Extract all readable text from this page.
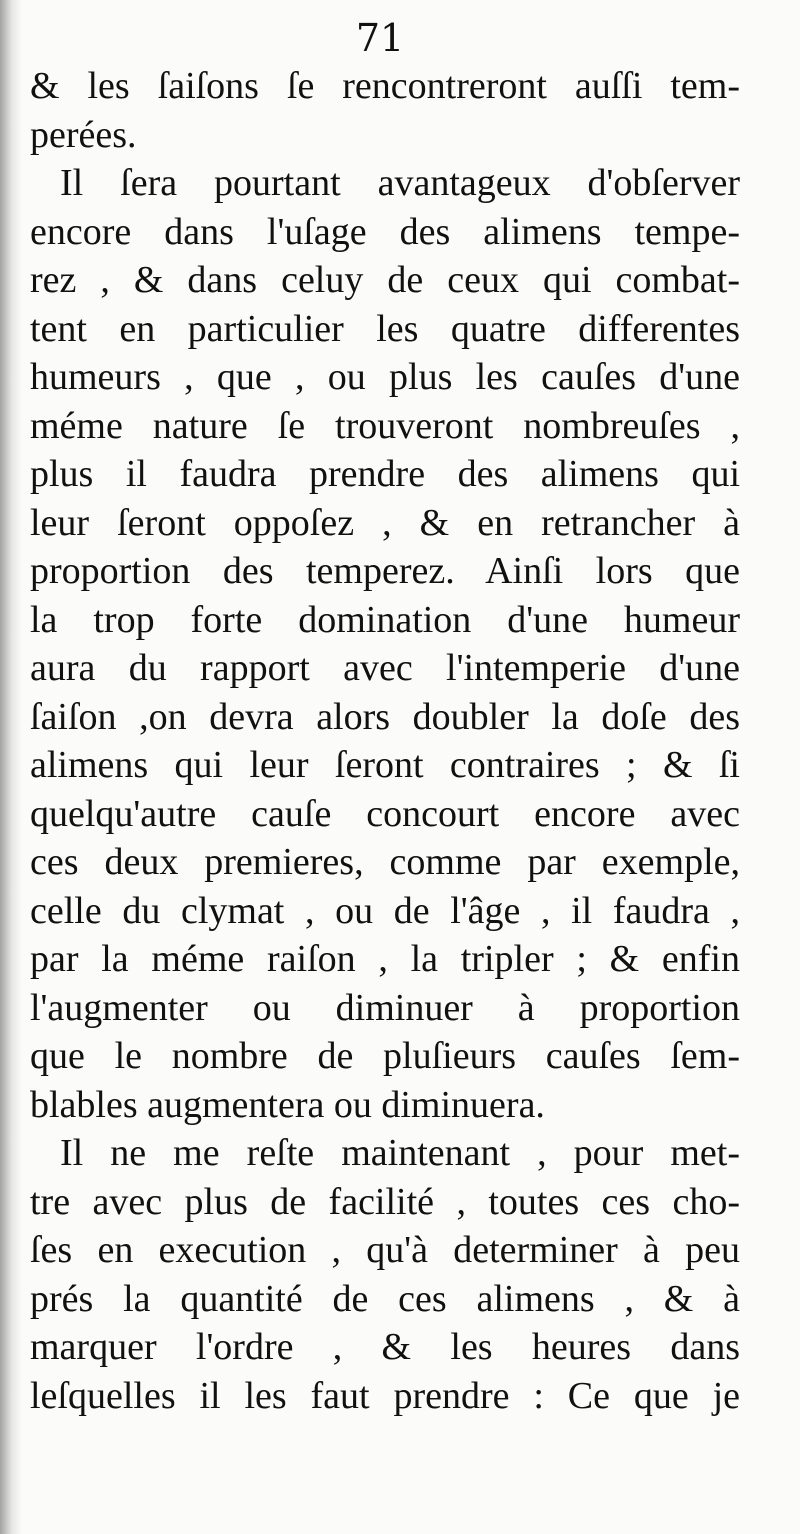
71
& les ſaiſons ſe rencontreront auſſi tem-
perées.
Il ſera pourtant avantageux d'obſerver
encore dans l'uſage des alimens tempe-
rez , & dans celuy de ceux qui combat-
tent en particulier les quatre differentes
humeurs , que , ou plus les cauſes d'une
méme nature ſe trouveront nombreuſes ,
plus il faudra prendre des alimens qui
leur ſeront oppoſez , & en retrancher à
proportion des temperez. Ainſi lors que
la trop forte domination d'une humeur
aura du rapport avec l'intemperie d'une
ſaiſon ,on devra alors doubler la doſe des
alimens qui leur ſeront contraires ; & ſi
quelqu'autre cauſe concourt encore avec
ces deux premieres, comme par exemple,
celle du clymat , ou de l'âge , il faudra ,
par la méme raiſon , la tripler ; & enfin
l'augmenter ou diminuer à proportion
que le nombre de pluſieurs cauſes ſem-
blables augmentera ou diminuera.
Il ne me reſte maintenant , pour met-
tre avec plus de facilité , toutes ces cho-
ſes en execution , qu'à determiner à peu
prés la quantité de ces alimens , & à
marquer l'ordre , & les heures dans
leſquelles il les faut prendre : Ce que je
